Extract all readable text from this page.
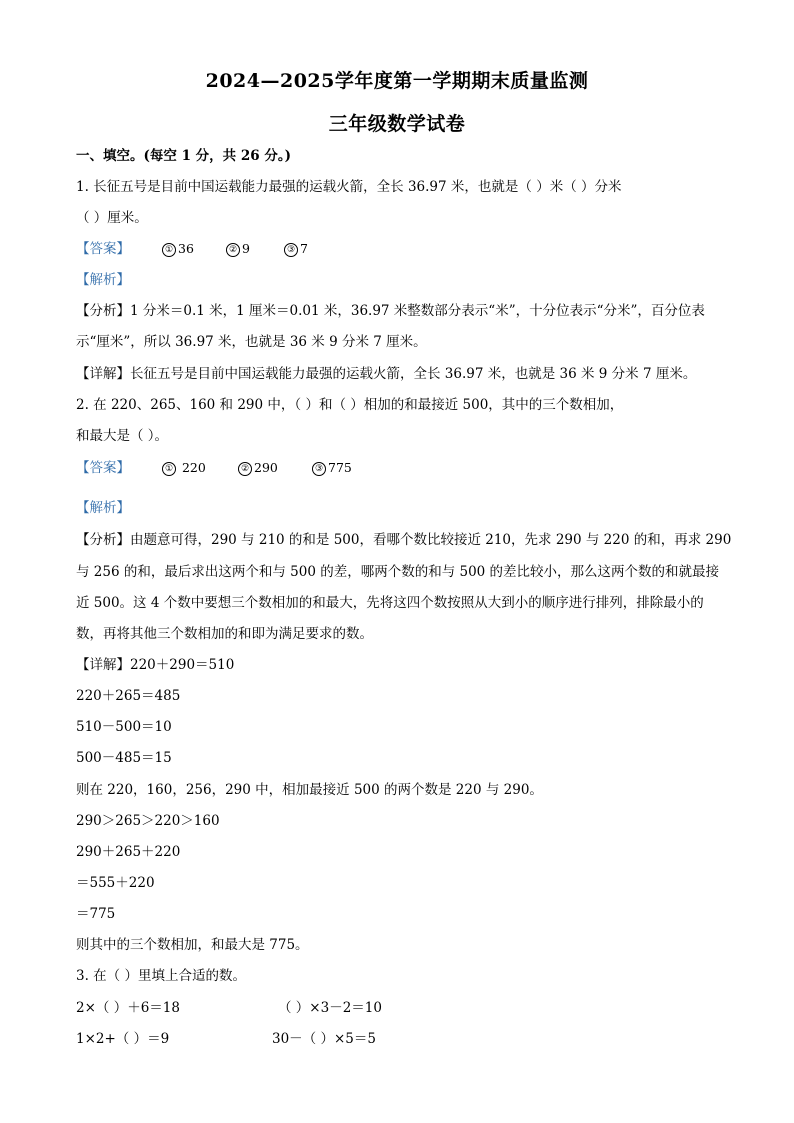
2024—2025学年度第一学期期末质量监测
三年级数学试卷
一、填空。(每空 1 分，共 26 分。)
1. 长征五号是目前中国运载能力最强的运载火箭，全长 36.97 米，也就是（ ）米（ ）分米
（ ）厘米。
【答案】	① 36	② 9	③ 7
【解析】
【分析】1 分米＝0.1 米，1 厘米＝0.01 米，36.97 米整数部分表示“米”，十分位表示“分米”，百分位表
示“厘米”，所以 36.97 米，也就是 36 米 9 分米 7 厘米。
【详解】长征五号是目前中国运载能力最强的运载火箭，全长 36.97 米，也就是 36 米 9 分米 7 厘米。
2. 在 220、265、160 和 290 中，（ ）和（ ）相加的和最接近 500，其中的三个数相加，
和最大是（ ）。
【答案】	① 220	② 290	③ 775
【解析】
【分析】由题意可得，290 与 210 的和是 500，看哪个数比较接近 210，先求 290 与 220 的和，再求 290
与 256 的和，最后求出这两个和与 500 的差，哪两个数的和与 500 的差比较小，那么这两个数的和就最接
近 500。这 4 个数中要想三个数相加的和最大，先将这四个数按照从大到小的顺序进行排列，排除最小的
数，再将其他三个数相加的和即为满足要求的数。
【详解】220＋290＝510
220＋265＝485
510－500＝10
500－485＝15
则在 220，160，256，290 中，相加最接近 500 的两个数是 220 与 290。
290＞265＞220＞160
290＋265＋220
＝555＋220
＝775
则其中的三个数相加，和最大是 775。
3. 在（ ）里填上合适的数。
2×（ ）＋6＝18	（ ）×3－2＝10
1×2+（ ）＝9	30－（ ）×5＝5
